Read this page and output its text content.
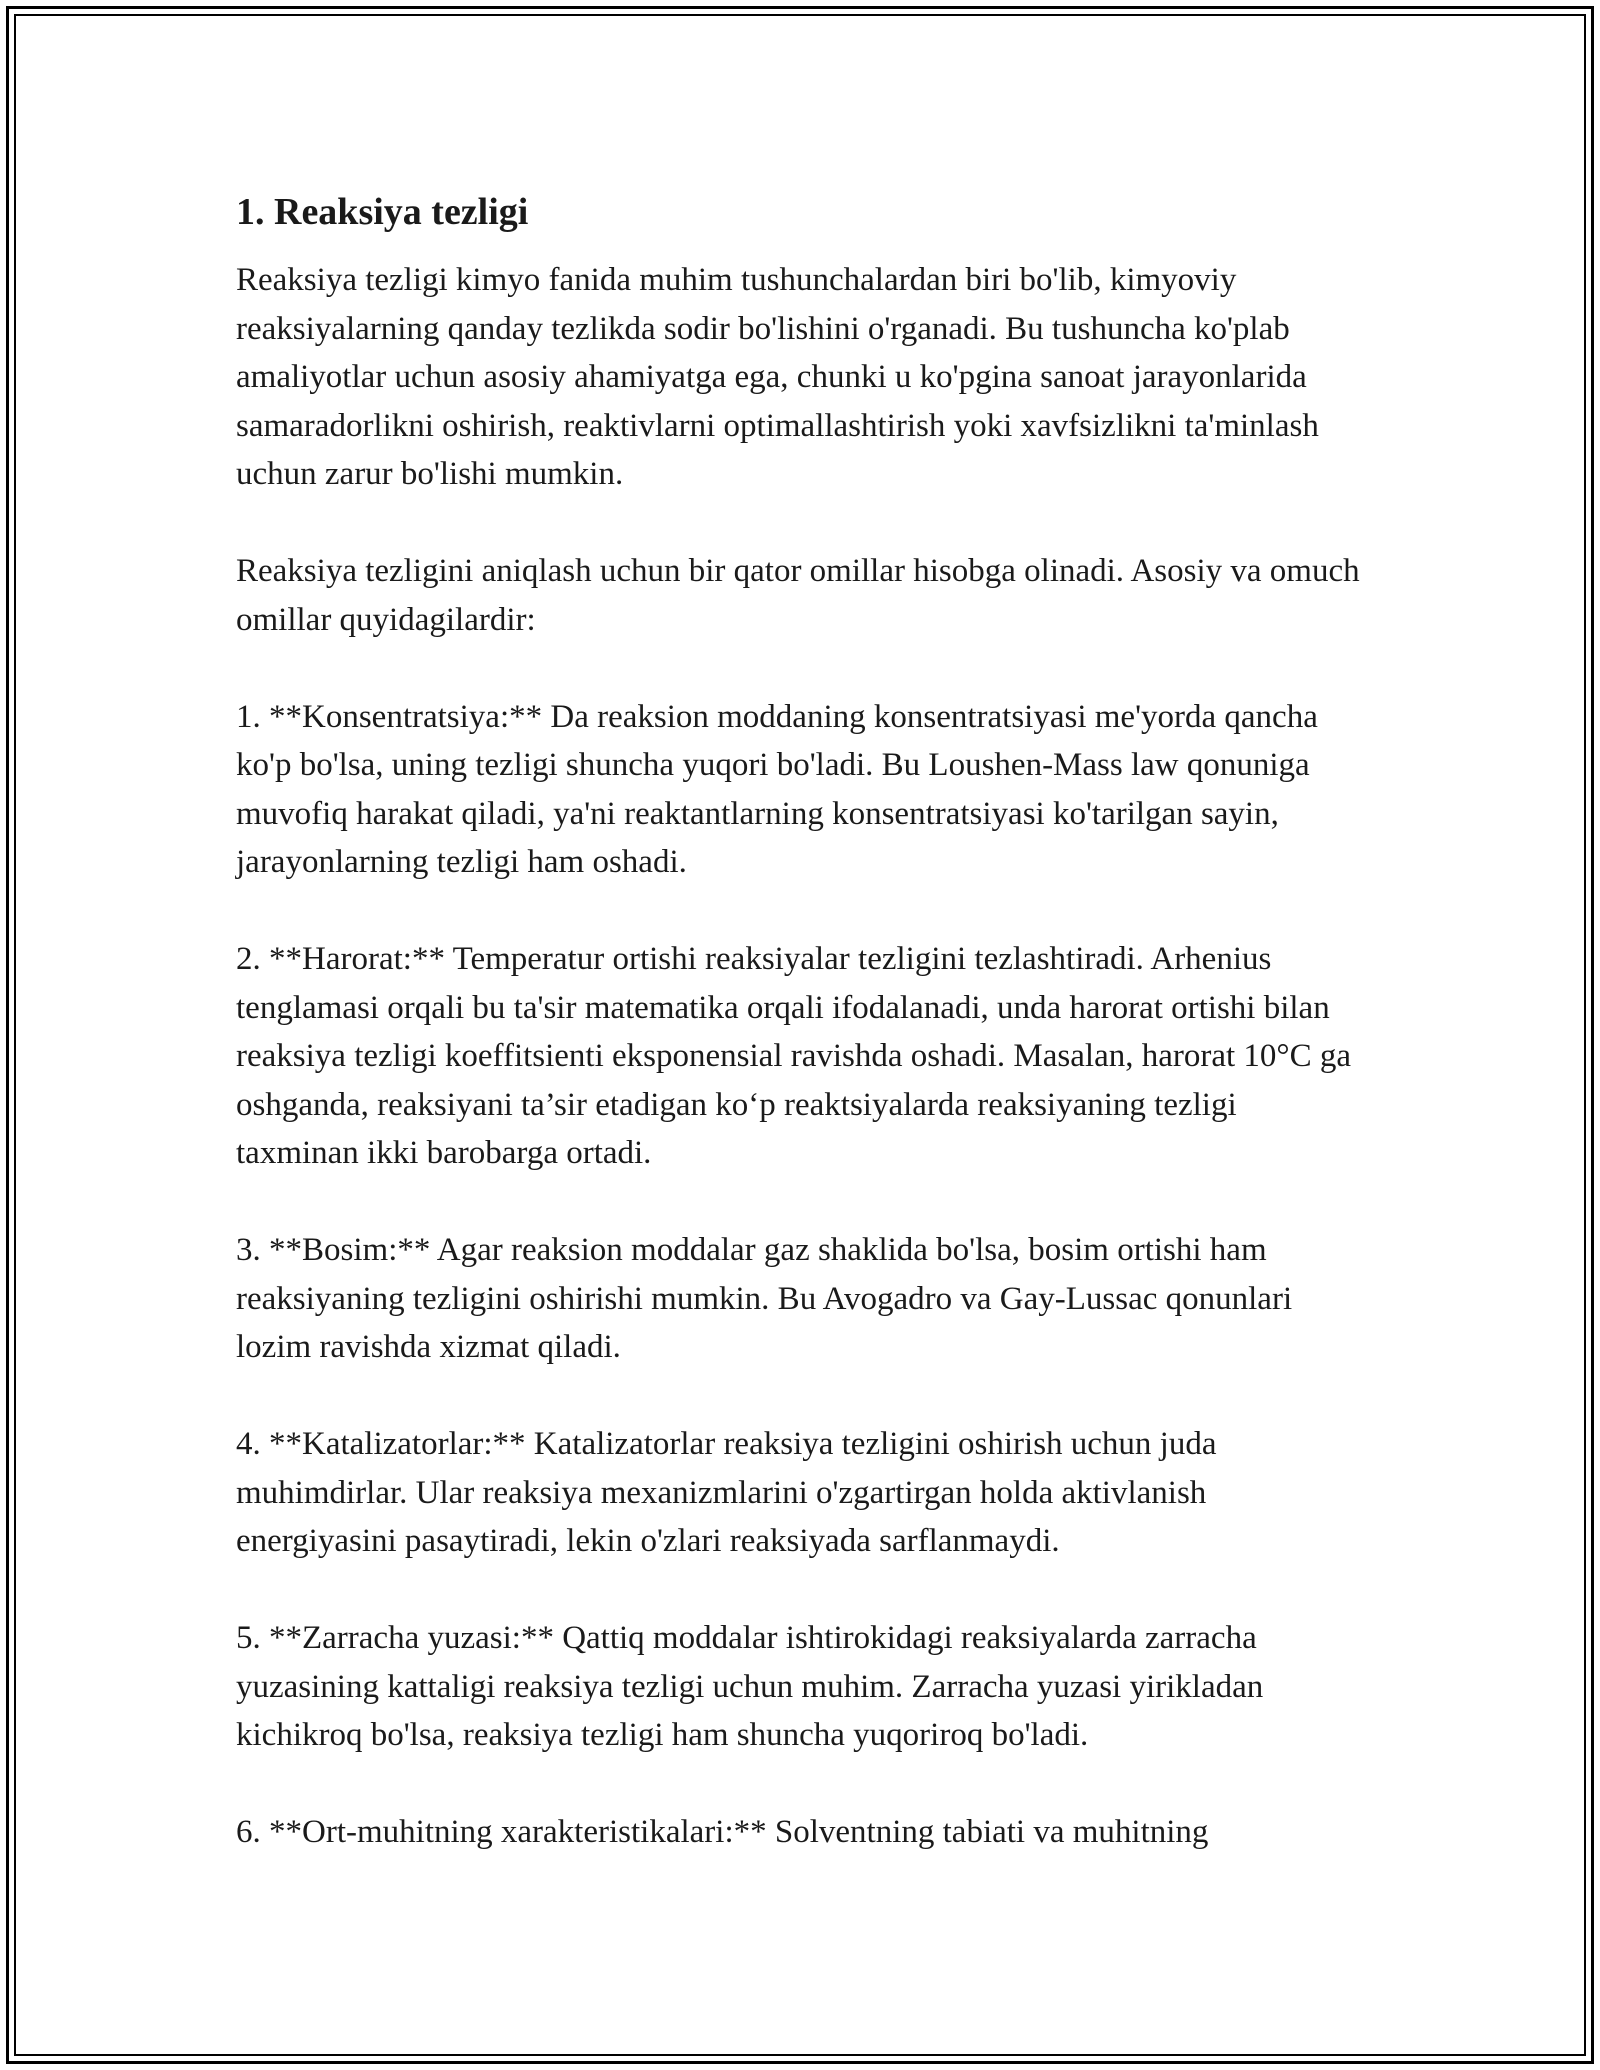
1. Reaksiya tezligi

Reaksiya tezligi kimyo fanida muhim tushunchalardan biri bo'lib, kimyoviy reaksiyalarning qanday tezlikda sodir bo'lishini o'rganadi. Bu tushuncha ko'plab amaliyotlar uchun asosiy ahamiyatga ega, chunki u ko'pgina sanoat jarayonlarida samaradorlikni oshirish, reaktivlarni optimallashtirish yoki xavfsizlikni ta'minlash uchun zarur bo'lishi mumkin.

Reaksiya tezligini aniqlash uchun bir qator omillar hisobga olinadi. Asosiy va omuch omillar quyidagilardir:

1. **Konsentratsiya:** Da reaksion moddaning konsentratsiyasi me'yorda qancha ko'p bo'lsa, uning tezligi shuncha yuqori bo'ladi. Bu Loushen-Mass law qonuniga muvofiq harakat qiladi, ya'ni reaktantlarning konsentratsiyasi ko'tarilgan sayin, jarayonlarning tezligi ham oshadi.

2. **Harorat:** Temperatur ortishi reaksiyalar tezligini tezlashtiradi. Arhenius tenglamasi orqali bu ta'sir matematika orqali ifodalanadi, unda harorat ortishi bilan reaksiya tezligi koeffitsienti eksponensial ravishda oshadi. Masalan, harorat 10°C ga oshganda, reaksiyani ta’sir etadigan ko‘p reaktsiyalarda reaksiyaning tezligi taxminan ikki barobarga ortadi.

3. **Bosim:** Agar reaksion moddalar gaz shaklida bo'lsa, bosim ortishi ham reaksiyaning tezligini oshirishi mumkin. Bu Avogadro va Gay-Lussac qonunlari lozim ravishda xizmat qiladi.

4. **Katalizatorlar:** Katalizatorlar reaksiya tezligini oshirish uchun juda muhimdirlar. Ular reaksiya mexanizmlarini o'zgartirgan holda aktivlanish energiyasini pasaytiradi, lekin o'zlari reaksiyada sarflanmaydi.

5. **Zarracha yuzasi:** Qattiq moddalar ishtirokidagi reaksiyalarda zarracha yuzasining kattaligi reaksiya tezligi uchun muhim. Zarracha yuzasi yirikladan kichikroq bo'lsa, reaksiya tezligi ham shuncha yuqoriroq bo'ladi.

6. **Ort-muhitning xarakteristikalari:** Solventning tabiati va muhitning
